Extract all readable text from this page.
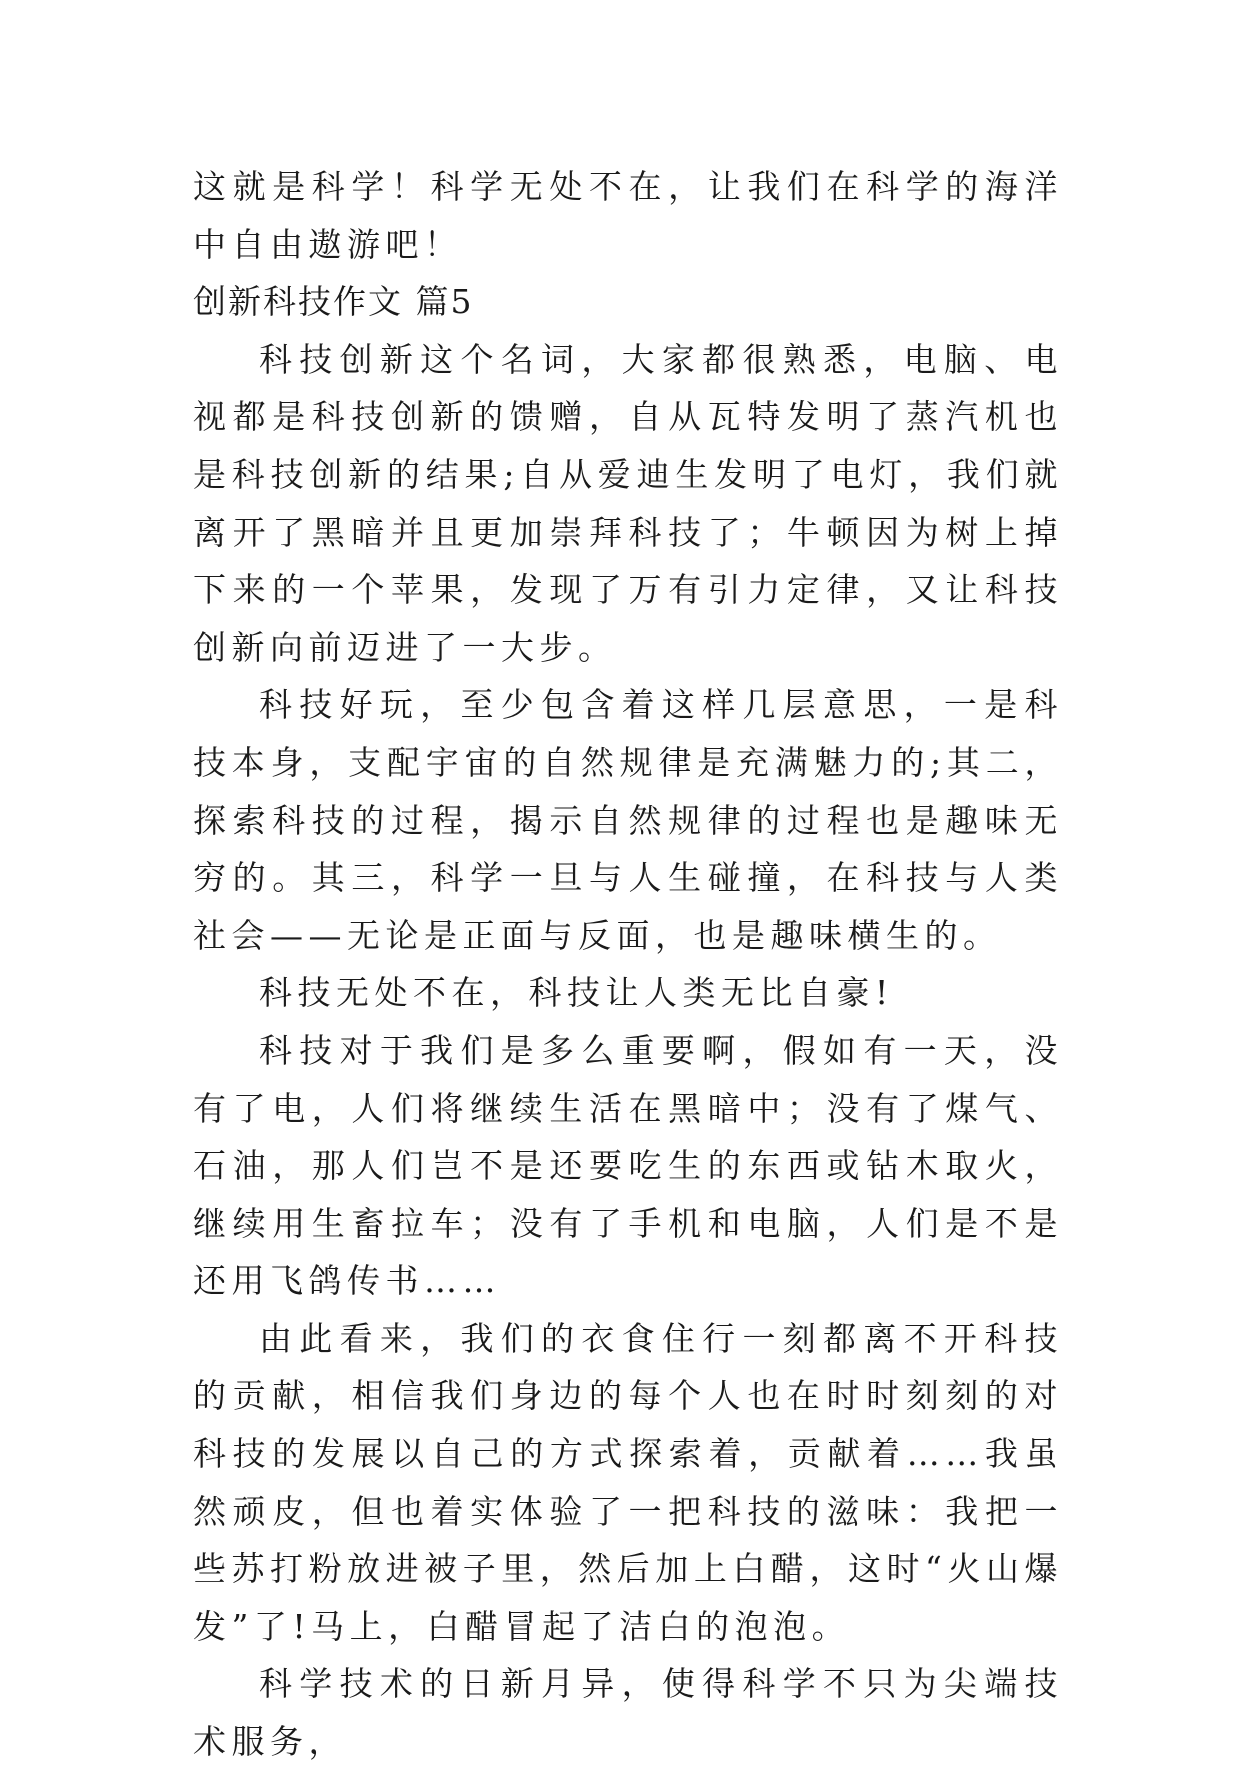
这就是科学！科学无处不在，让我们在科学的海洋中自由遨游吧！

创新科技作文 篇5

科技创新这个名词，大家都很熟悉，电脑、电视都是科技创新的馈赠，自从瓦特发明了蒸汽机也是科技创新的结果;自从爱迪生发明了电灯，我们就离开了黑暗并且更加崇拜科技了；牛顿因为树上掉下来的一个苹果，发现了万有引力定律，又让科技创新向前迈进了一大步。

科技好玩，至少包含着这样几层意思，一是科技本身，支配宇宙的自然规律是充满魅力的;其二，探索科技的过程，揭示自然规律的过程也是趣味无穷的。其三，科学一旦与人生碰撞，在科技与人类社会——无论是正面与反面，也是趣味横生的。

科技无处不在，科技让人类无比自豪!

科技对于我们是多么重要啊，假如有一天，没有了电，人们将继续生活在黑暗中；没有了煤气、石油，那人们岂不是还要吃生的东西或钻木取火，继续用生畜拉车；没有了手机和电脑，人们是不是还用飞鸽传书……

由此看来，我们的衣食住行一刻都离不开科技的贡献，相信我们身边的每个人也在时时刻刻的对科技的发展以自己的方式探索着，贡献着……我虽然顽皮，但也着实体验了一把科技的滋味：我把一些苏打粉放进被子里，然后加上白醋，这时“火山爆发”了!马上，白醋冒起了洁白的泡泡。

科学技术的日新月异，使得科学不只为尖端技术服务，
